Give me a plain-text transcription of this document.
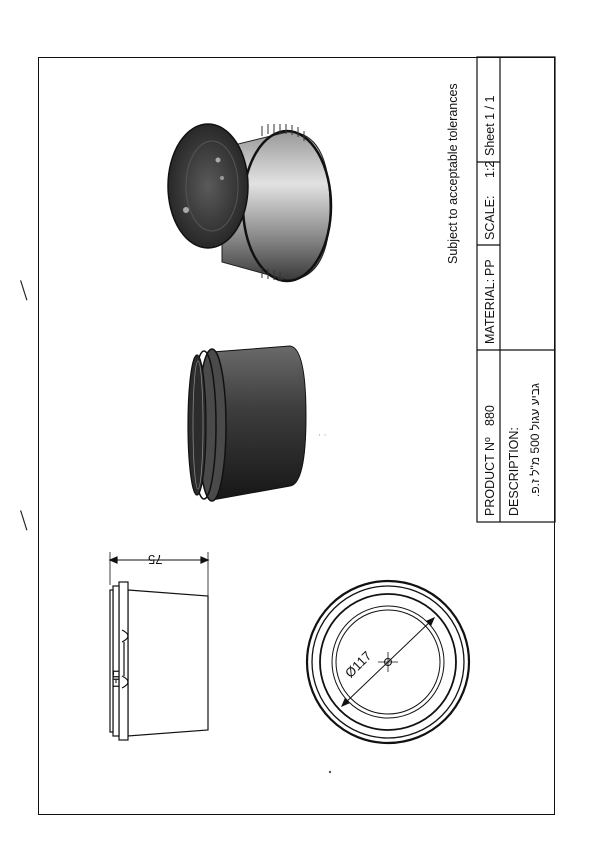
⧹
⧹
· ·
Subject to acceptable tolerances
PRODUCT Nº
880
MATERIAL:
PP
SCALE:
1:2
Sheet 1 / 1
DESCRIPTION: גביע עגול 500 מ"ל ז.פ.
75
LIFT	Ø117
